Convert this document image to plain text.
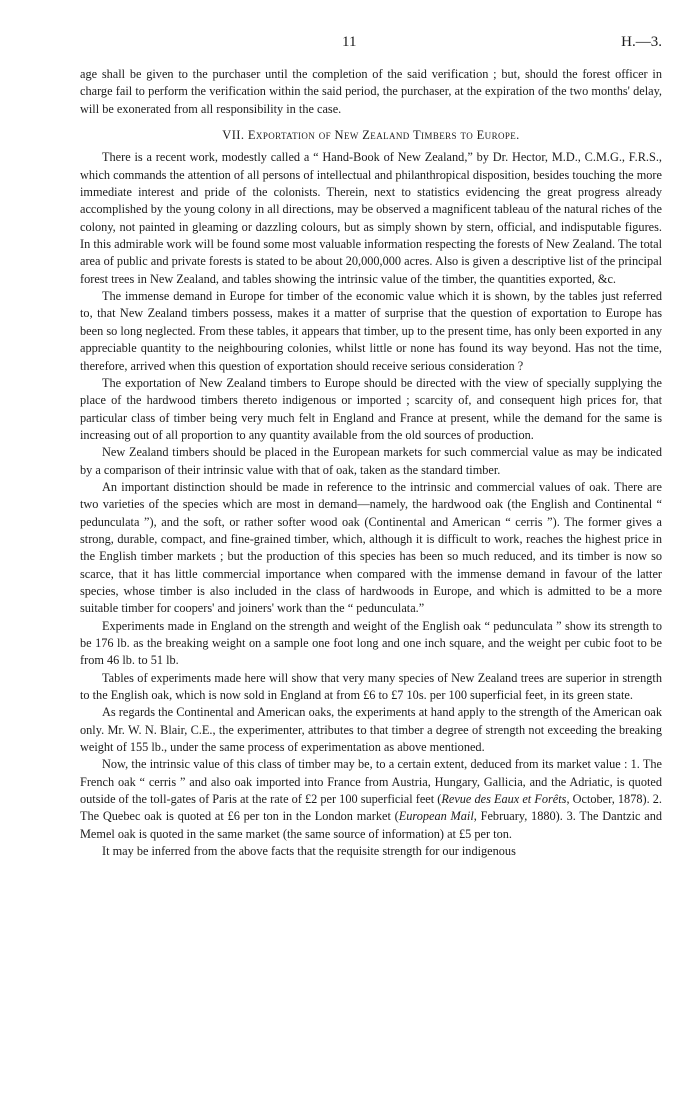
11	H.—3.

age shall be given to the purchaser until the completion of the said verification ; but, should the forest officer in charge fail to perform the verification within the said period, the purchaser, at the expiration of the two months' delay, will be exonerated from all responsibility in the case.

VII. Exportation of New Zealand Timbers to Europe.

There is a recent work, modestly called a “ Hand-Book of New Zealand,” by Dr. Hector, M.D., C.M.G., F.R.S., which commands the attention of all persons of intellectual and philanthropical disposition, besides touching the more immediate interest and pride of the colonists. Therein, next to statistics evidencing the great progress already accomplished by the young colony in all directions, may be observed a magnificent tableau of the natural riches of the colony, not painted in gleaming or dazzling colours, but as simply shown by stern, official, and indisputable figures. In this admirable work will be found some most valuable information respecting the forests of New Zealand. The total area of public and private forests is stated to be about 20,000,000 acres. Also is given a descriptive list of the principal forest trees in New Zealand, and tables showing the intrinsic value of the timber, the quantities exported, &c.

The immense demand in Europe for timber of the economic value which it is shown, by the tables just referred to, that New Zealand timbers possess, makes it a matter of surprise that the question of exportation to Europe has been so long neglected. From these tables, it appears that timber, up to the present time, has only been exported in any appreciable quantity to the neighbouring colonies, whilst little or none has found its way beyond. Has not the time, therefore, arrived when this question of exportation should receive serious consideration ?

The exportation of New Zealand timbers to Europe should be directed with the view of specially supplying the place of the hardwood timbers thereto indigenous or imported ; scarcity of, and consequent high prices for, that particular class of timber being very much felt in England and France at present, while the demand for the same is increasing out of all proportion to any quantity available from the old sources of production.

New Zealand timbers should be placed in the European markets for such commercial value as may be indicated by a comparison of their intrinsic value with that of oak, taken as the standard timber.

An important distinction should be made in reference to the intrinsic and commercial values of oak. There are two varieties of the species which are most in demand—namely, the hardwood oak (the English and Continental “ pedunculata ”), and the soft, or rather softer wood oak (Continental and American “ cerris ”). The former gives a strong, durable, compact, and fine-grained timber, which, although it is difficult to work, reaches the highest price in the English timber markets ; but the production of this species has been so much reduced, and its timber is now so scarce, that it has little commercial importance when compared with the immense demand in favour of the latter species, whose timber is also included in the class of hardwoods in Europe, and which is admitted to be a more suitable timber for coopers' and joiners' work than the “ pedunculata.”

Experiments made in England on the strength and weight of the English oak “ pedunculata ” show its strength to be 176 lb. as the breaking weight on a sample one foot long and one inch square, and the weight per cubic foot to be from 46 lb. to 51 lb.

Tables of experiments made here will show that very many species of New Zealand trees are superior in strength to the English oak, which is now sold in England at from £6 to £7 10s. per 100 superficial feet, in its green state.

As regards the Continental and American oaks, the experiments at hand apply to the strength of the American oak only. Mr. W. N. Blair, C.E., the experimenter, attributes to that timber a degree of strength not exceeding the breaking weight of 155 lb., under the same process of experimentation as above mentioned.

Now, the intrinsic value of this class of timber may be, to a certain extent, deduced from its market value : 1. The French oak “ cerris ” and also oak imported into France from Austria, Hungary, Gallicia, and the Adriatic, is quoted outside of the toll-gates of Paris at the rate of £2 per 100 superficial feet (Revue des Eaux et Forêts, October, 1878). 2. The Quebec oak is quoted at £6 per ton in the London market (European Mail, February, 1880). 3. The Dantzic and Memel oak is quoted in the same market (the same source of information) at £5 per ton.

It may be inferred from the above facts that the requisite strength for our indigenous
